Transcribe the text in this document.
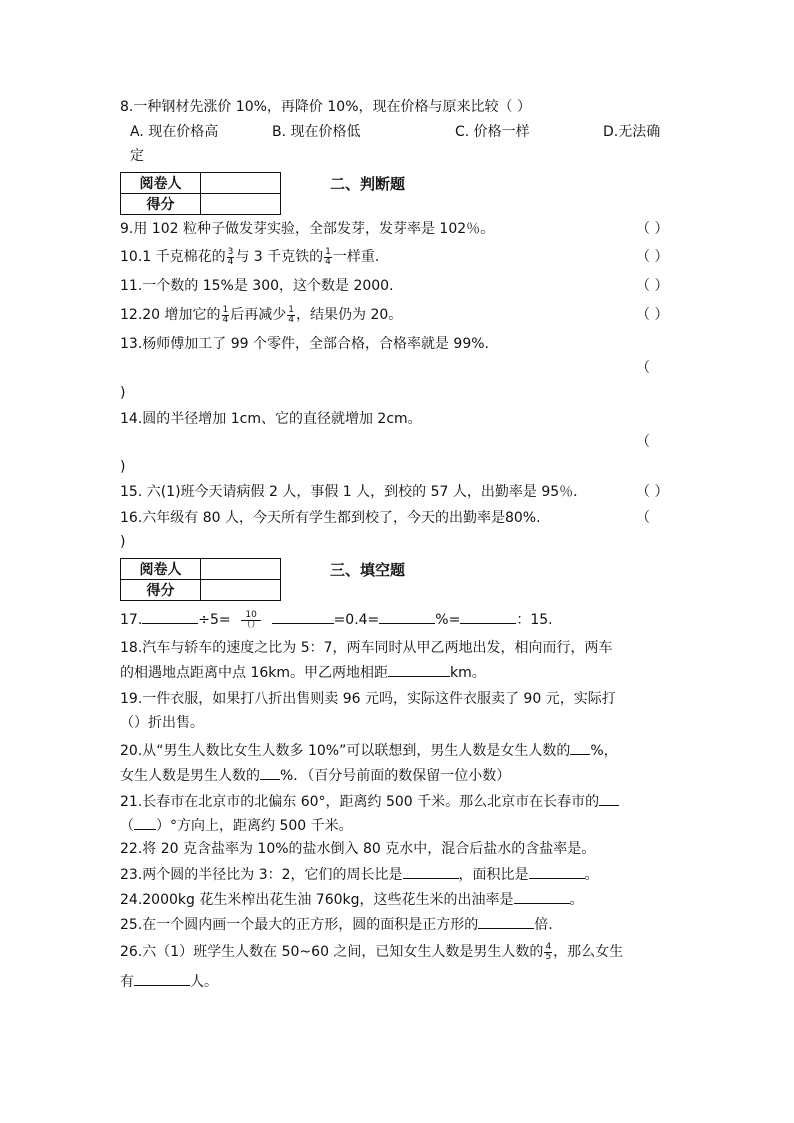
8.一种钢材先涨价 10%，再降价 10%，现在价格与原来比较（ ）
A. 现在价格高	B. 现在价格低	C. 价格一样	D.无法确
定
阅卷人	
得分	
二、判断题
9.用 102 粒种子做发芽实验，全部发芽，发芽率是 102％。	（ ）
10.1 千克棉花的 $\frac{3}{4}$ 与 3 千克铁的 $\frac{1}{4}$ 一样重.	（ ）
11.一个数的 15%是 300，这个数是 2000.	（ ）
12.20 增加它的 $\frac{1}{4}$ 后再减少 $\frac{1}{4}$ ，结果仍为 20。	（ ）
13.杨师傅加工了 99 个零件，全部合格，合格率就是 99%.
（
)
14.圆的半径增加 1cm、它的直径就增加 2cm。
（
)
15. 六(1)班今天请病假 2 人，事假 1 人，到校的 57 人，出勤率是 95％．	（ ）
16.六年级有 80 人，今天所有学生都到校了，今天的出勤率是80%.	（
)
阅卷人	
得分	
三、填空题
17.	$\div 5= \frac{10}{()}$	=0.4=	%=	：15.
18.汽车与轿车的速度之比为 5：7，两车同时从甲乙两地出发，相向而行，两车
的相遇地点距离中点 16km。甲乙两地相距	km。
19.一件衣服，如果打八折出售则卖 96 元吗，实际这件衣服卖了 90 元，实际打
（）折出售。
20.从“男生人数比女生人数多 10%”可以联想到，男生人数是女生人数的 %，
女生人数是男生人数的 %．（百分号前面的数保留一位小数）
21.长春市在北京市的北偏东 60°，距离约 500 千米。那么北京市在长春市的
（ ）°方向上，距离约 500 千米。
22.将 20 克含盐率为 10%的盐水倒入 80 克水中，混合后盐水的含盐率是。
23.两个圆的半径比为 3：2，它们的周长比是	，面积比是	。
24.2000kg 花生米榨出花生油 760kg，这些花生米的出油率是	。
25.在一个圆内画一个最大的正方形，圆的面积是正方形的	倍.
26.六（1）班学生人数在 50~60 之间，已知女生人数是男生人数的 $\frac{4}{5}$ ，那么女生
有	人。
